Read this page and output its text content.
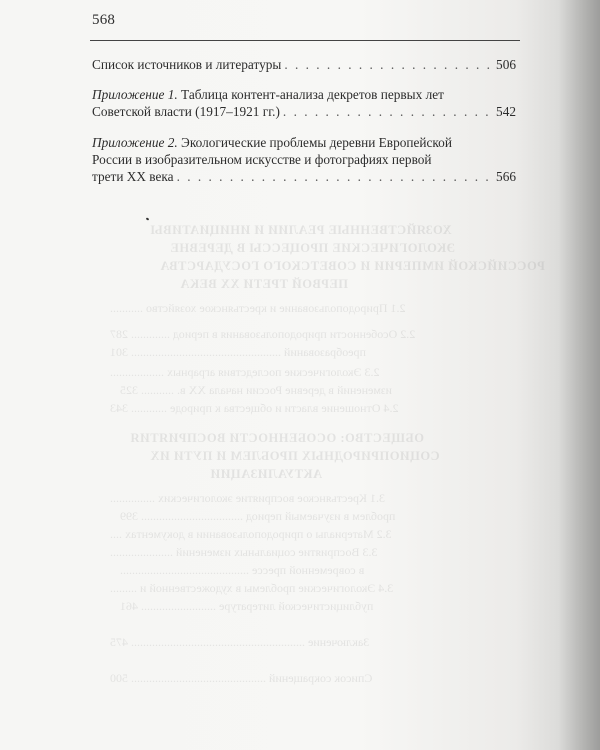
ХОЗЯЙСТВЕННЫЕ РЕАЛИИ И ИНИЦИАТИВЫ
ЭКОЛОГИЧЕСКИЕ ПРОЦЕССЫ В ДЕРЕВНЕ
РОССИЙСКОЙ ИМПЕРИИ И СОВЕТСКОГО ГОСУДАРСТВА
ПЕРВОЙ ТРЕТИ ХХ ВЕКА
2.1 Природопользование и крестьянское хозяйство ...........
2.2 Особенности природопользования в период ............. 287
преобразований .................................................. 301
2.3 Экологические последствия аграрных ..................
изменений в деревне России начала ХХ в. ........... 325
2.4 Отношение власти и общества к природе ............ 343
ОБЩЕСТВО: ОСОБЕННОСТИ ВОСПРИЯТИЯ
СОЦИОПРИРОДНЫХ ПРОБЛЕМ И ПУТИ ИХ
АКТУАЛИЗАЦИИ
3.1 Крестьянское восприятие экологических ...............
проблем в изучаемый период .................................. 399
3.2 Материалы о природопользовании в документах ....
3.3 Восприятие социальных изменений .....................
в современной прессе ...........................................
3.4 Экологические проблемы в художественной и .........
публицистической литературе ......................... 461
Заключение .......................................................... 475
Список сокращений ............................................. 500
568
Список источников и литературы . . .	506
Приложение 1.
Таблица контент-анализа декретов первых лет
Советской власти (1917–1921 гг.) . . .	542
Приложение 2.
Экологические проблемы деревни Европейской
России в изобразительном искусстве и фотографиях первой
трети ХХ века . . .	566
